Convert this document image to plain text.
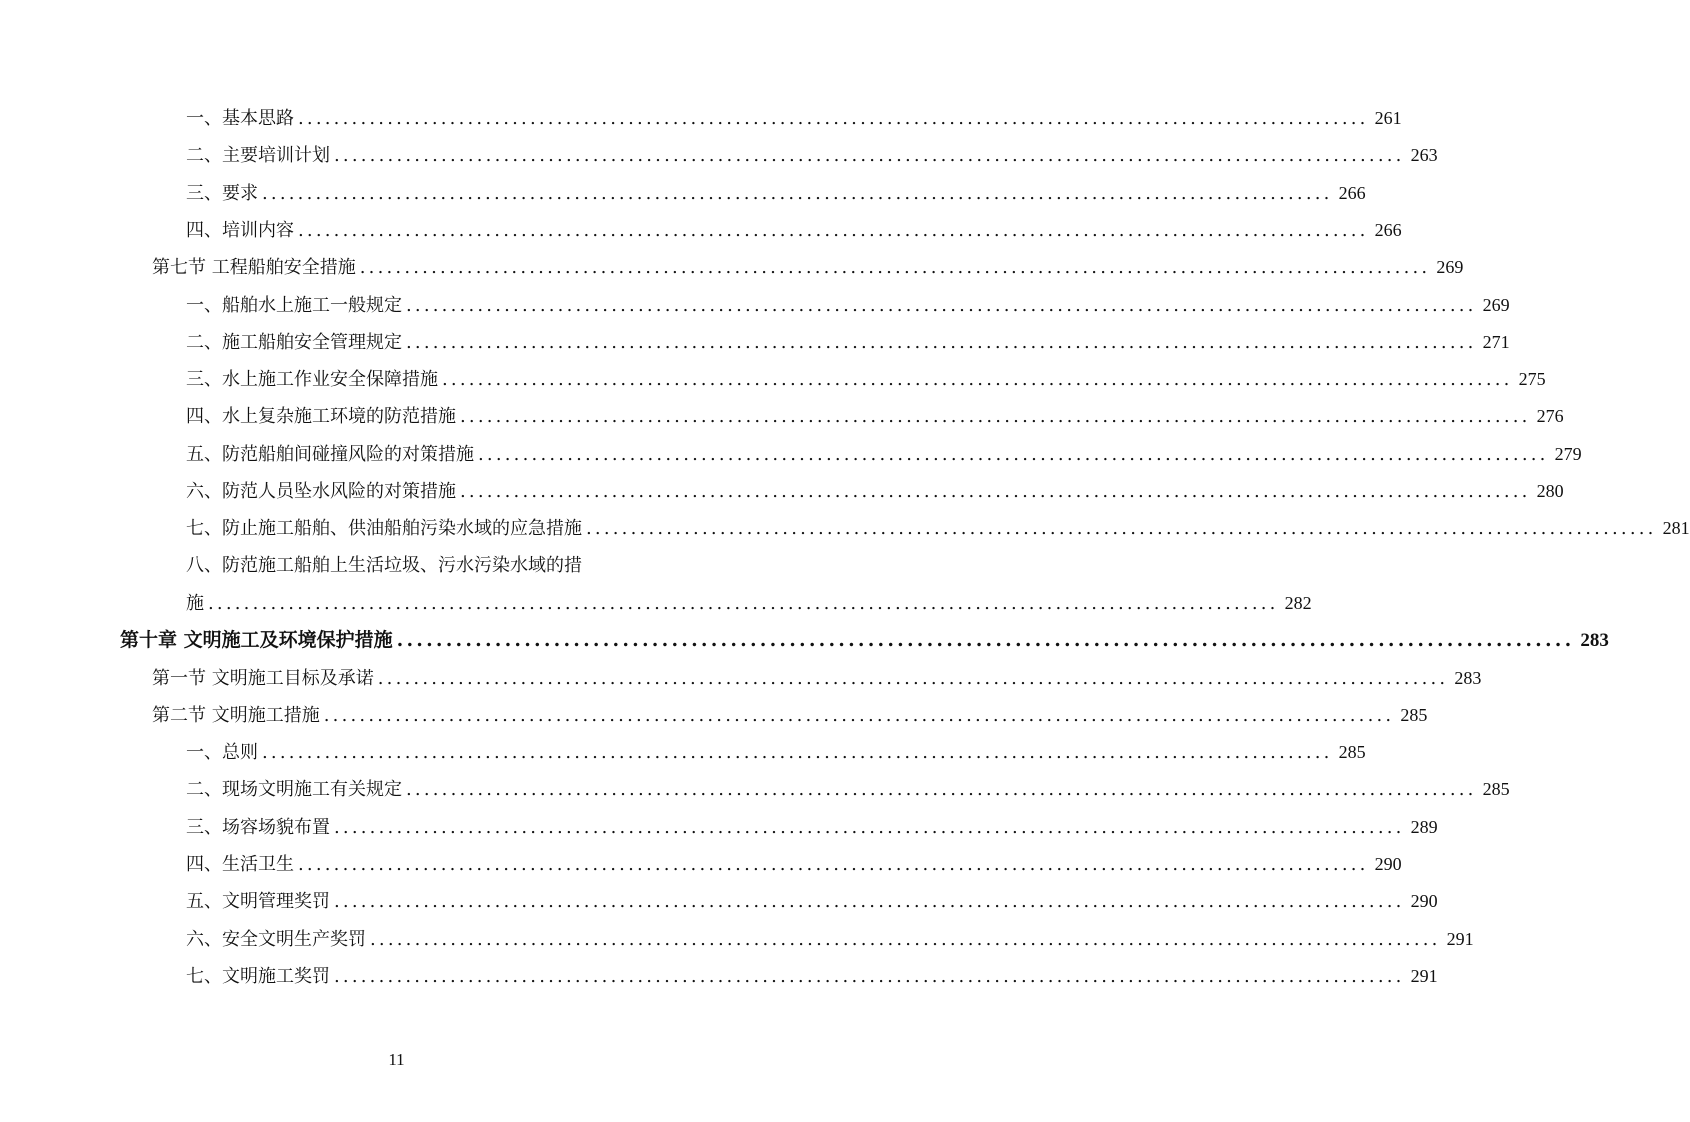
一、基本思路 ........................................................................................................................ 261
二、主要培训计划 ........................................................................................................................ 263
三、要求 ........................................................................................................................ 266
四、培训内容 ........................................................................................................................ 266
第七节 工程船舶安全措施 ........................................................................................................................ 269
一、船舶水上施工一般规定 ........................................................................................................................ 269
二、施工船舶安全管理规定 ........................................................................................................................ 271
三、水上施工作业安全保障措施 ........................................................................................................................ 275
四、水上复杂施工环境的防范措施 ........................................................................................................................ 276
五、防范船舶间碰撞风险的对策措施 ........................................................................................................................ 279
六、防范人员坠水风险的对策措施 ........................................................................................................................ 280
七、防止施工船舶、供油船舶污染水域的应急措施 ........................................................................................................................ 281
八、防范施工船舶上生活垃圾、污水污染水域的措
施 ........................................................................................................................ 282
第十章 文明施工及环境保护措施 ........................................................................................................................ 283
第一节 文明施工目标及承诺 ........................................................................................................................ 283
第二节 文明施工措施 ........................................................................................................................ 285
一、总则 ........................................................................................................................ 285
二、现场文明施工有关规定 ........................................................................................................................ 285
三、场容场貌布置 ........................................................................................................................ 289
四、生活卫生 ........................................................................................................................ 290
五、文明管理奖罚 ........................................................................................................................ 290
六、安全文明生产奖罚 ........................................................................................................................ 291
七、文明施工奖罚 ........................................................................................................................ 291
11
